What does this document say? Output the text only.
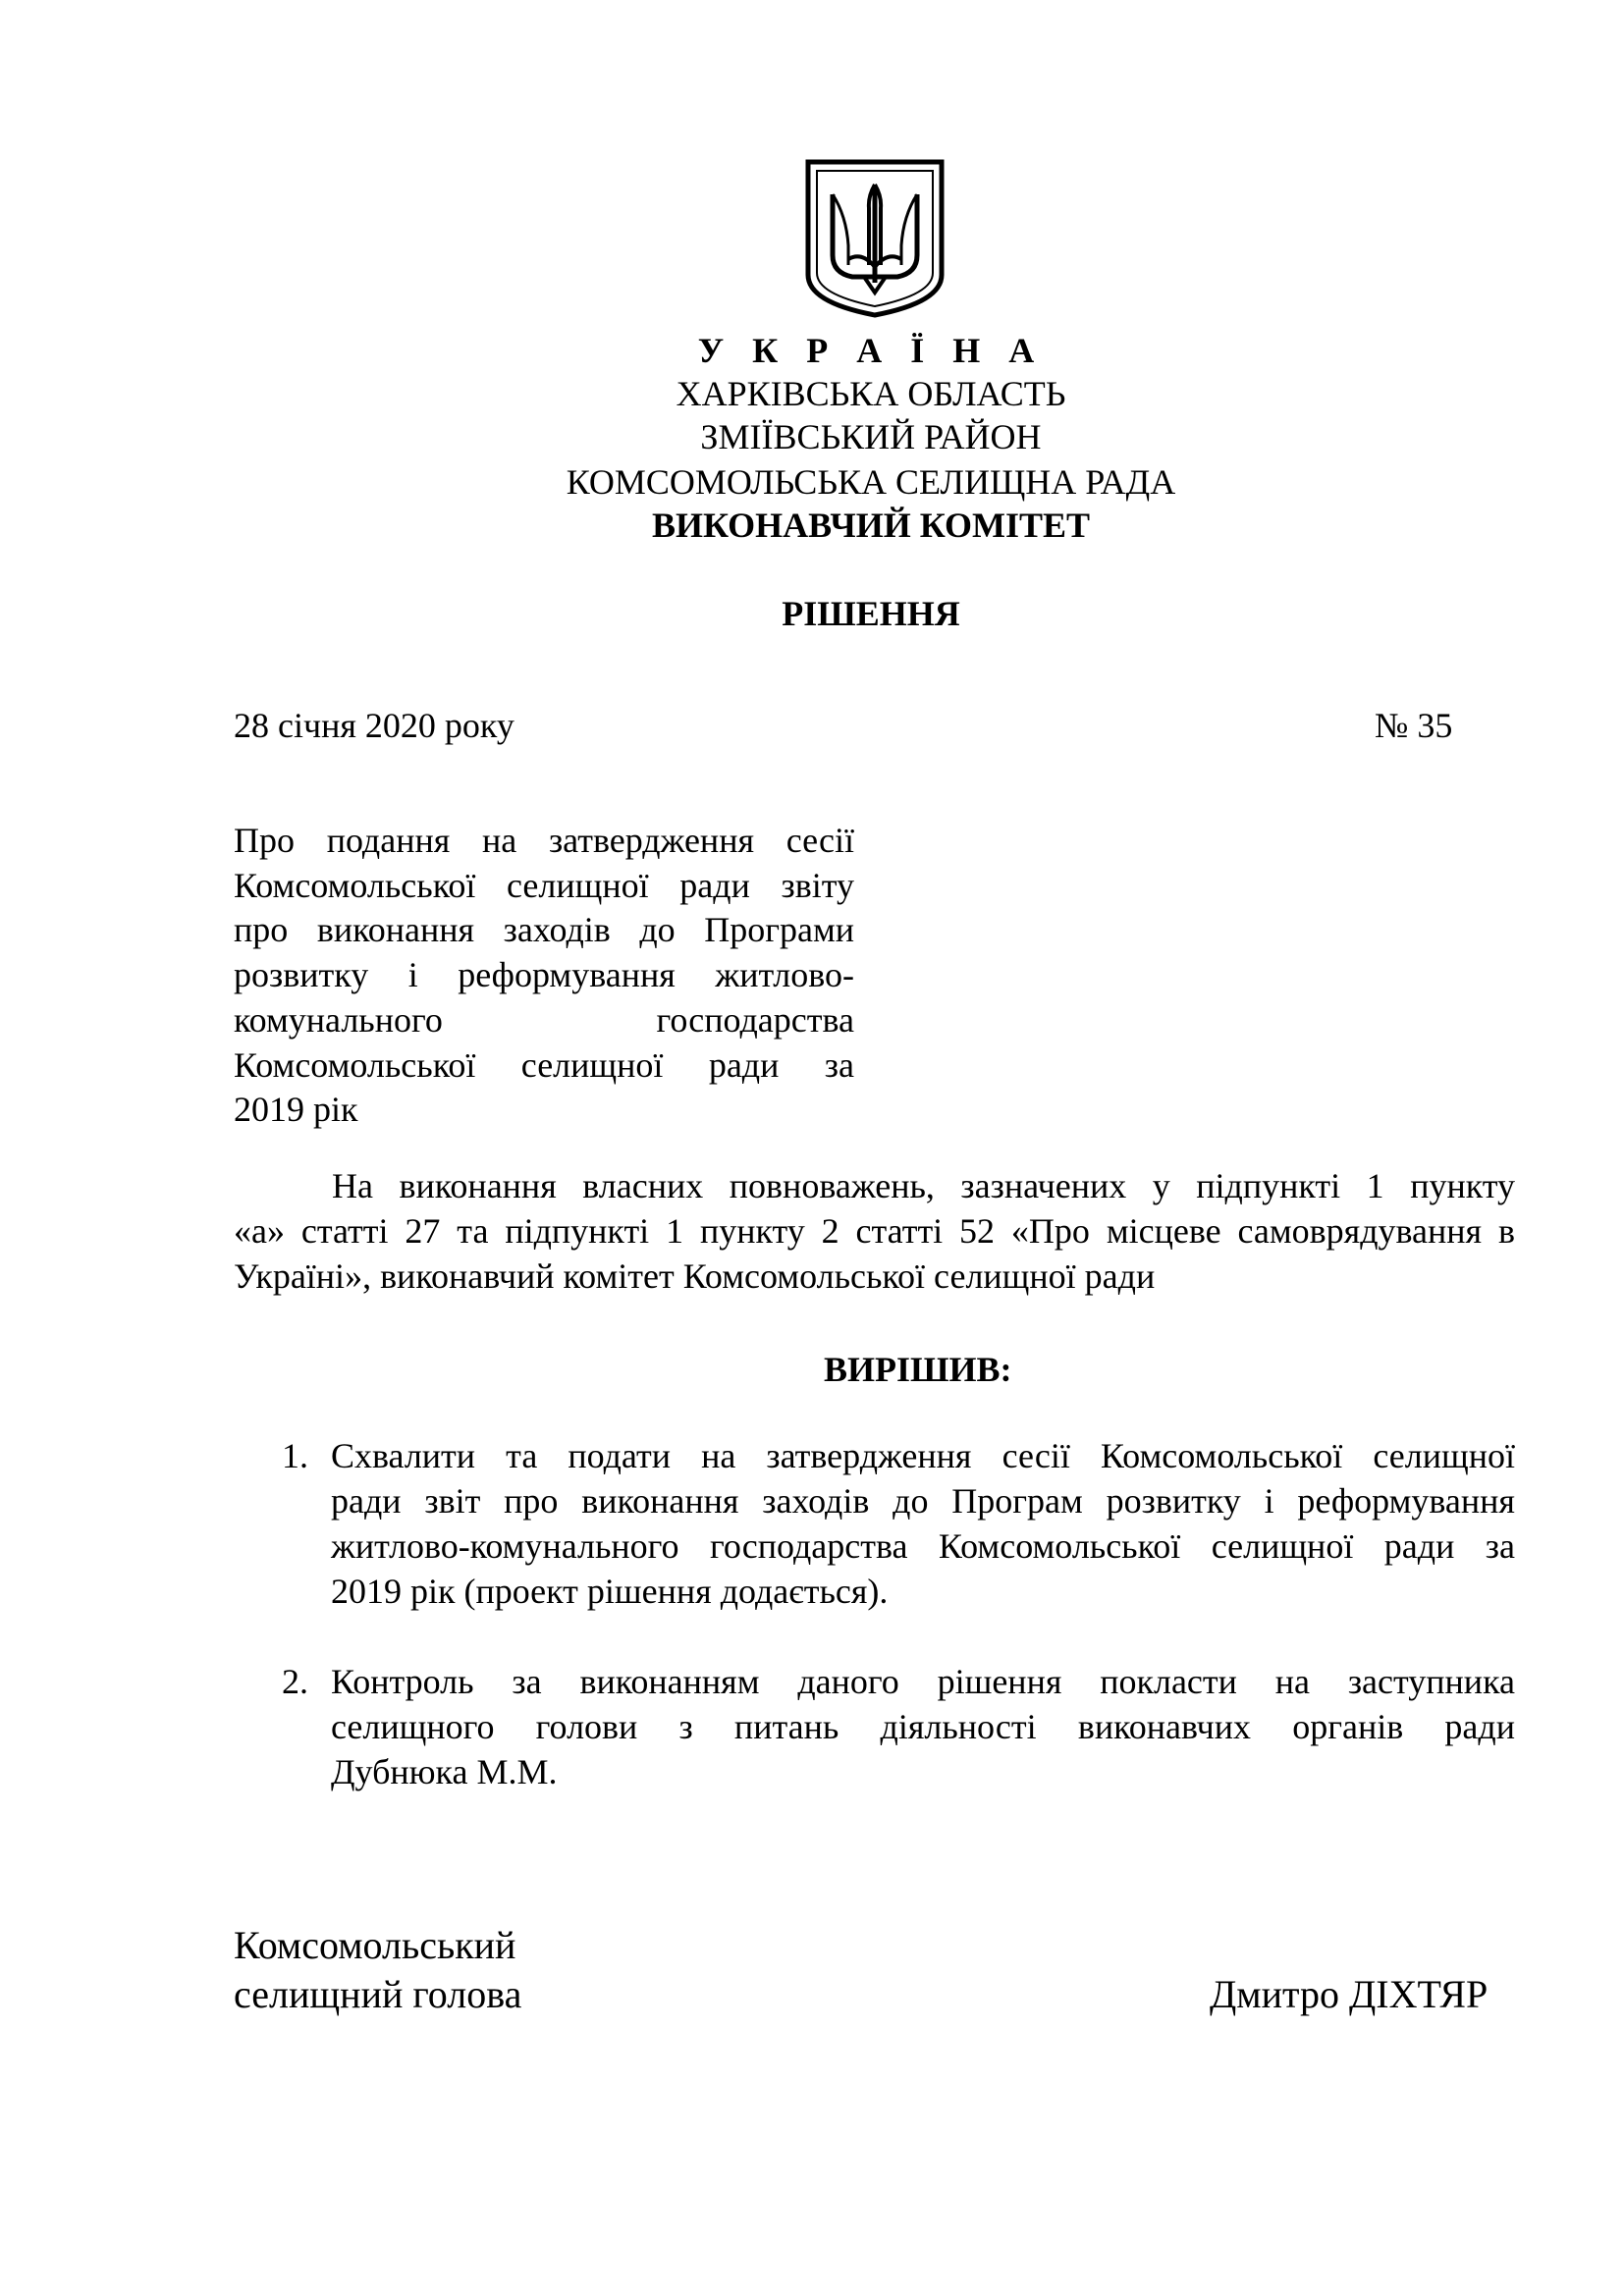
У К Р А Ї Н А
ХАРКІВСЬКА ОБЛАСТЬ
ЗМІЇВСЬКИЙ РАЙОН
КОМСОМОЛЬСЬКА СЕЛИЩНА РАДА
ВИКОНАВЧИЙ КОМІТЕТ
РІШЕННЯ
28 січня 2020 року	№ 35
Про подання на затвердження сесії
Комсомольської селищної ради звіту
про виконання заходів до Програми
розвитку і реформування житлово-
комунального господарства
Комсомольської селищної ради за
2019 рік
На виконання власних повноважень, зазначених у підпункті 1 пункту
«а» статті 27 та підпункті 1 пункту 2 статті 52 «Про місцеве самоврядування в
Україні», виконавчий комітет Комсомольської селищної ради
ВИРІШИВ:
1. Схвалити та подати на затвердження сесії Комсомольської селищної
ради звіт про виконання заходів до Програм розвитку і реформування
житлово-комунального господарства Комсомольської селищної ради за
2019 рік (проект рішення додається).
2. Контроль за виконанням даного рішення покласти на заступника
селищного голови з питань діяльності виконавчих органів ради
Дубнюка М.М.
Комсомольський
селищний голова	Дмитро ДІХТЯР
